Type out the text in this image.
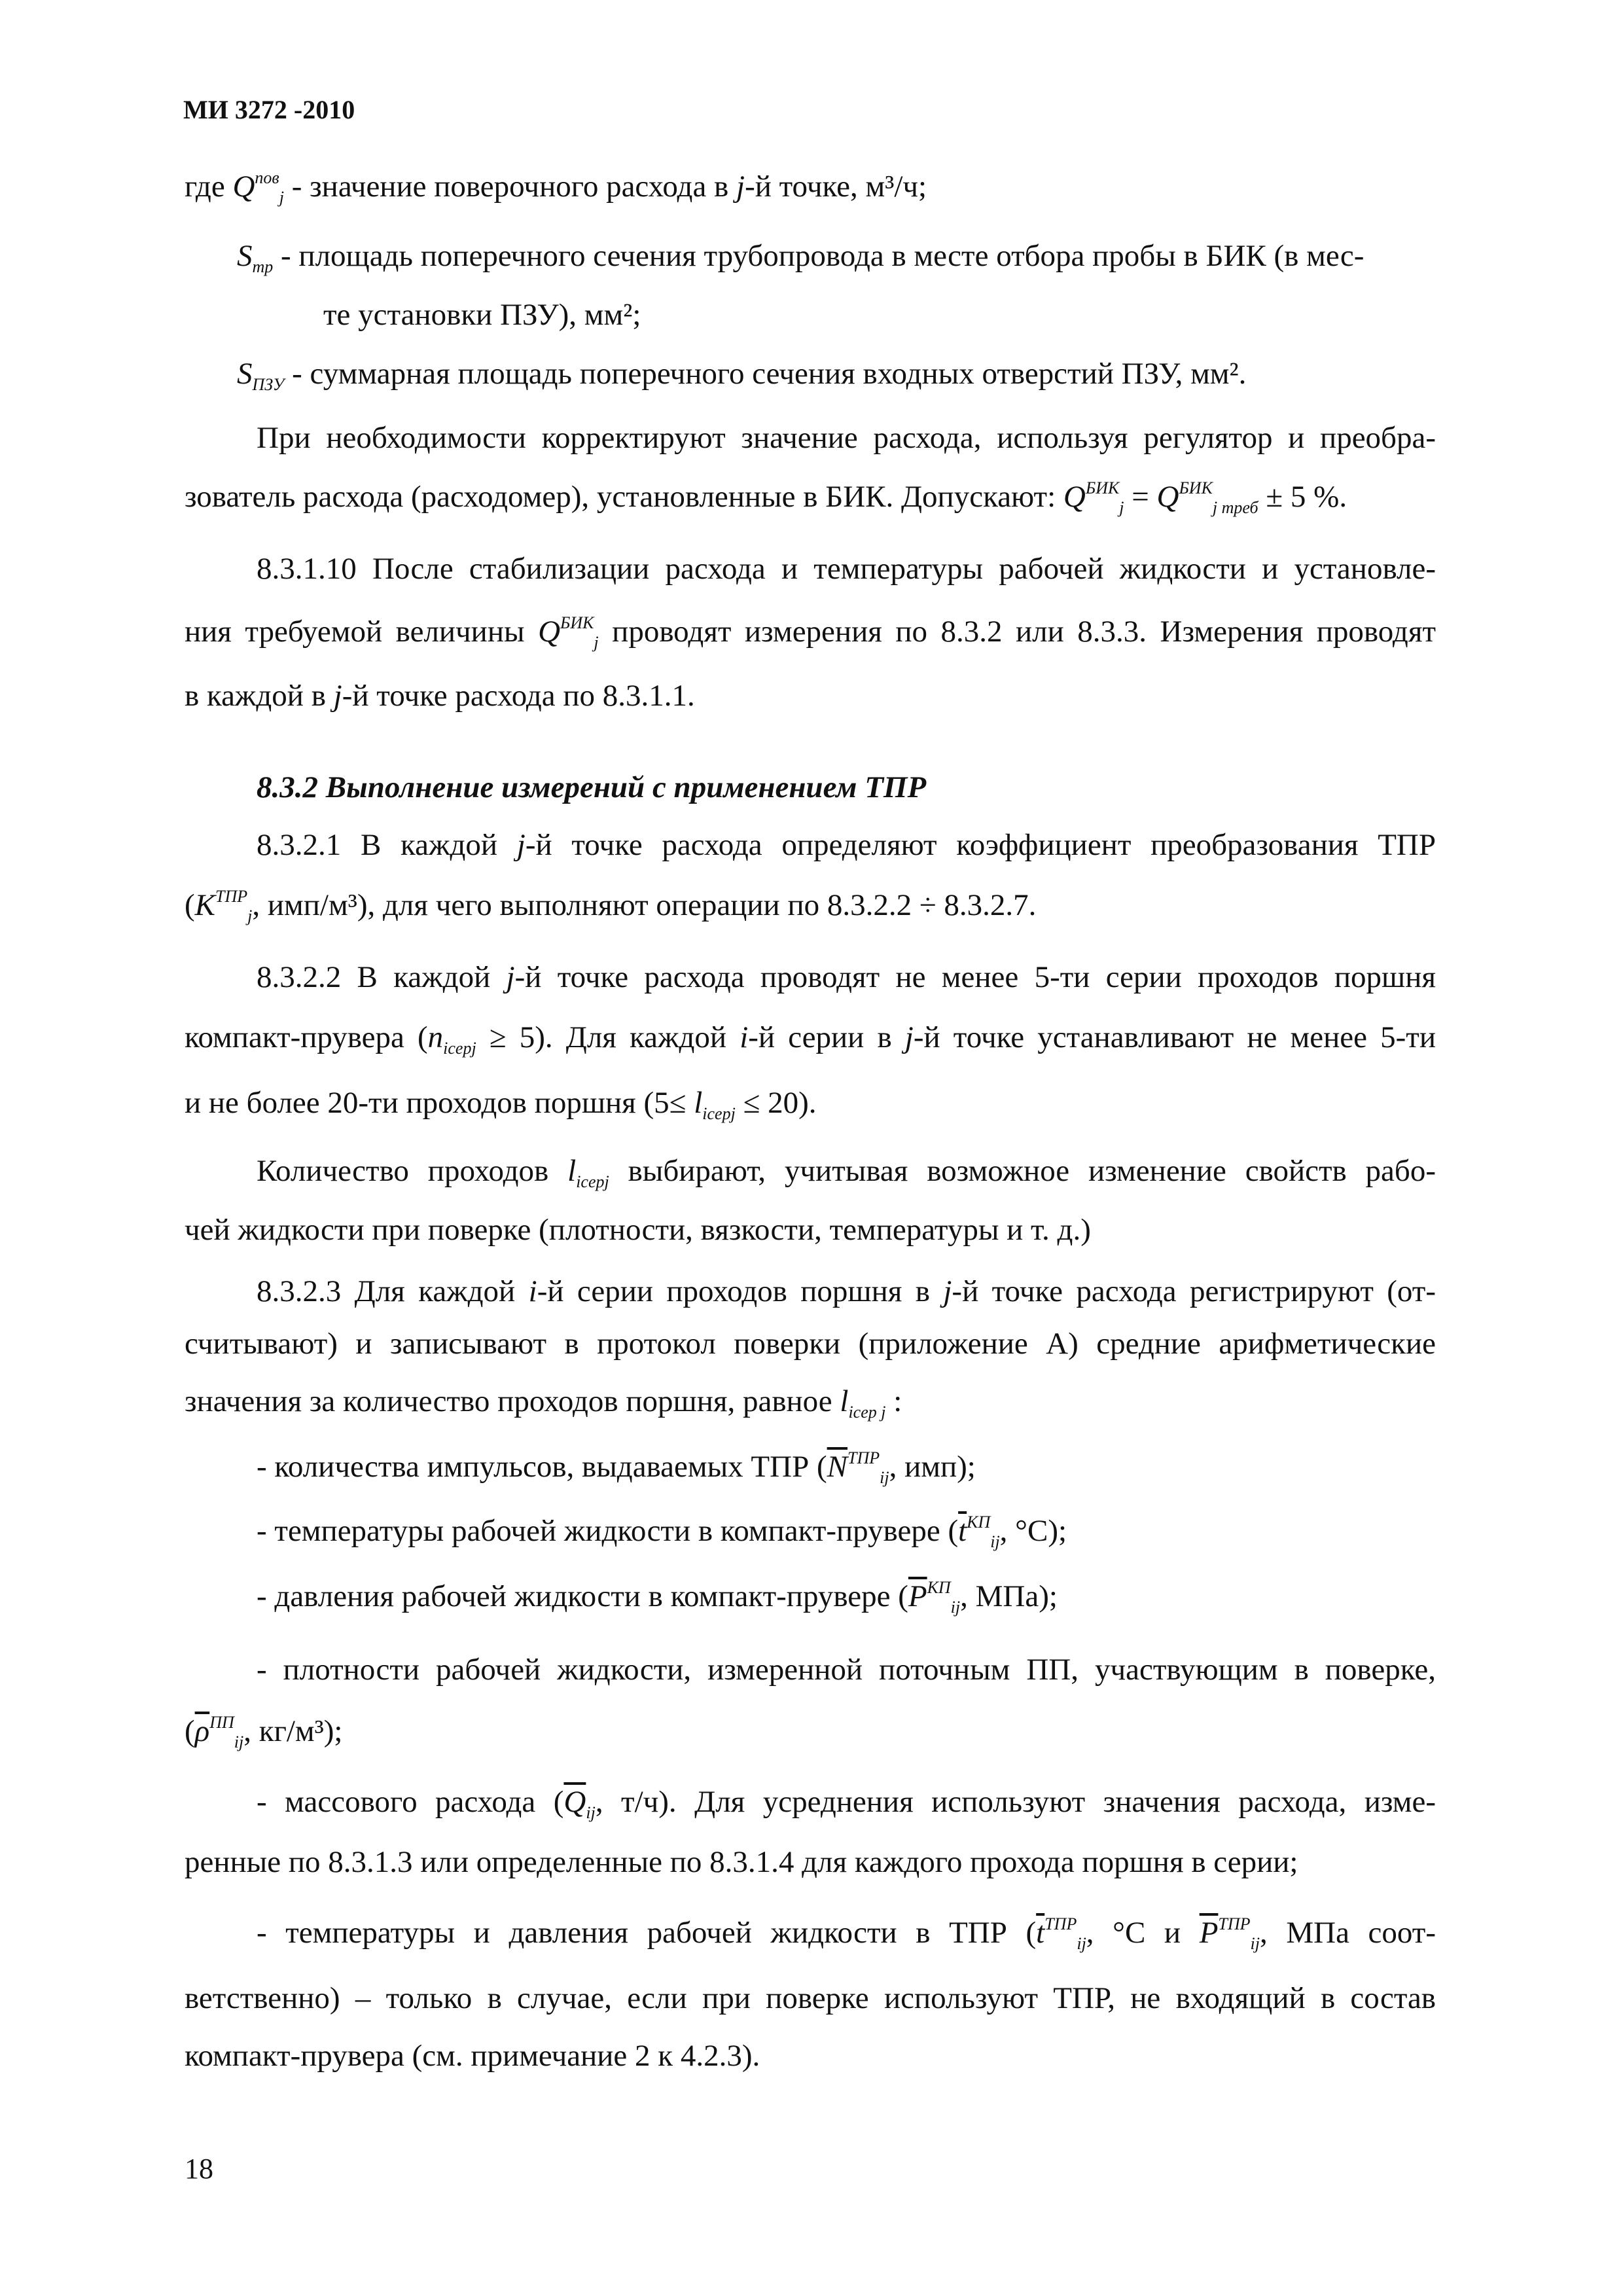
МИ 3272 -2010
где $Q^{пов}_j$ - значение поверочного расхода в j-й точке, м³/ч;
$S_{тр}$ - площадь поперечного сечения трубопровода в месте отбора пробы в БИК (в мес-
те установки ПЗУ), мм²;
$S_{ПЗУ}$ - суммарная площадь поперечного сечения входных отверстий ПЗУ, мм².
При необходимости корректируют значение расхода, используя регулятор и преобра-
зователь расхода (расходомер), установленные в БИК. Допускают: $Q^{БИК}_j = Q^{БИК}_{j треб} \pm 5$ %.
8.3.1.10 После стабилизации расхода и температуры рабочей жидкости и установле-
ния требуемой величины $Q^{БИК}_j$ проводят измерения по 8.3.2 или 8.3.3. Измерения проводят
в каждой в j-й точке расхода по 8.3.1.1.
8.3.2 Выполнение измерений с применением ТПР
8.3.2.1 В каждой j-й точке расхода определяют коэффициент преобразования ТПР
($K^{ТПР}_j$, имп/м³), для чего выполняют операции по 8.3.2.2 ÷ 8.3.2.7.
8.3.2.2 В каждой j-й точке расхода проводят не менее 5-ти серии проходов поршня
компакт-прувера $(n_{icерj} \ge 5)$. Для каждой i-й серии в j-й точке устанавливают не менее 5-ти
и не более 20-ти проходов поршня $(5\le l_{icерj} \le 20)$.
Количество проходов $l_{icерj}$ выбирают, учитывая возможное изменение свойств рабо-
чей жидкости при поверке (плотности, вязкости, температуры и т. д.)
8.3.2.3 Для каждой i-й серии проходов поршня в j-й точке расхода регистрируют (от-
считывают) и записывают в протокол поверки (приложение А) средние арифметические
значения за количество проходов поршня, равное $l_{icер j}$ :
- количества импульсов, выдаваемых ТПР ($\overline{N}^{ТПР}_{ij}$, имп);
- температуры рабочей жидкости в компакт-прувере ($\overline{t}^{КП}_{ij}$, °С);
- давления рабочей жидкости в компакт-прувере ($\overline{P}^{КП}_{ij}$, МПа);
- плотности рабочей жидкости, измеренной поточным ПП, участвующим в поверке,
($\overline{\rho}^{ПП}_{ij}$, кг/м³);
- массового расхода ($\overline{Q}_{ij}$, т/ч). Для усреднения используют значения расхода, изме-
ренные по 8.3.1.3 или определенные по 8.3.1.4 для каждого прохода поршня в серии;
- температуры и давления рабочей жидкости в ТПР ($\overline{t}^{ТПР}_{ij}$, °С и $\overline{P}^{ТПР}_{ij}$, МПа соот-
ветственно) – только в случае, если при поверке используют ТПР, не входящий в состав
компакт-прувера (см. примечание 2 к 4.2.3).
18
